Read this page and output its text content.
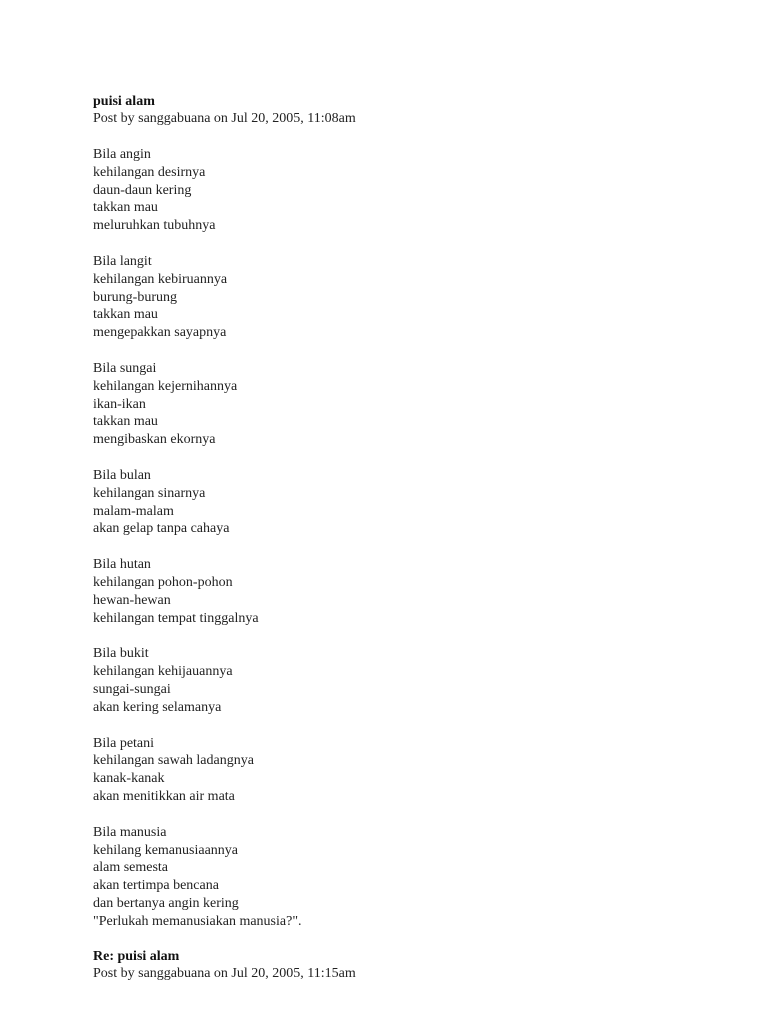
puisi alam

Post by sanggabuana on Jul 20, 2005, 11:08am

Bila angin
kehilangan desirnya
daun-daun kering
takkan mau
meluruhkan tubuhnya
Bila langit
kehilangan kebiruannya
burung-burung
takkan mau
mengepakkan sayapnya
Bila sungai
kehilangan kejernihannya
ikan-ikan
takkan mau
mengibaskan ekornya
Bila bulan
kehilangan sinarnya
malam-malam
akan gelap tanpa cahaya
Bila hutan
kehilangan pohon-pohon
hewan-hewan
kehilangan tempat tinggalnya
Bila bukit
kehilangan kehijauannya
sungai-sungai
akan kering selamanya
Bila petani
kehilangan sawah ladangnya
kanak-kanak
akan menitikkan air mata
Bila manusia
kehilang kemanusiaannya
alam semesta
akan tertimpa bencana
dan bertanya angin kering
"Perlukah memanusiakan manusia?".

Re: puisi alam

Post by sanggabuana on Jul 20, 2005, 11:15am
